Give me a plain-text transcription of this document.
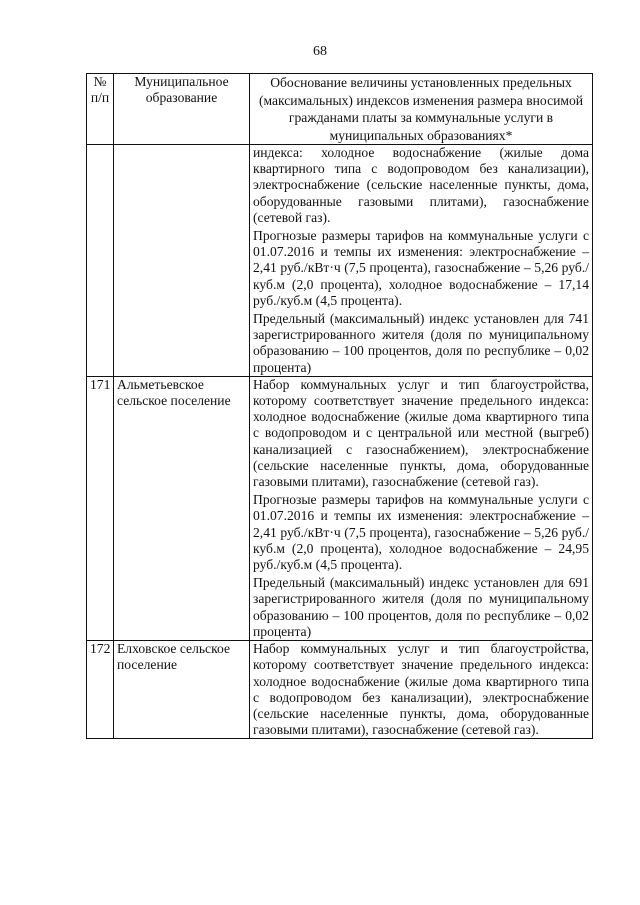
68
№ п/п	Муниципальное образование	Обоснование величины установленных предельных (максимальных) индексов изменения размера вносимой гражданами платы за коммунальные услуги в муниципальных образованиях*

		индекса: холодное водоснабжение (жилые дома квартирного типа с водопроводом без канализации), электроснабжение (сельские населенные пункты, дома, оборудованные газовыми плитами), газоснабжение (сетевой газ).

Прогнозые размеры тарифов на коммунальные услуги с 01.07.2016 и темпы их изменения: электроснабжение – 2,41 руб./кВт·ч (7,5 процента), газоснабжение – 5,26 руб./куб.м (2,0 процента), холодное водоснабжение – 17,14 руб./куб.м (4,5 процента).

Предельный (максимальный) индекс установлен для 741 зарегистрированного жителя (доля по муниципальному образованию – 100 процентов, доля по республике – 0,02 процента)

171	Альметьевское сельское поселение	Набор коммунальных услуг и тип благоустройства, которому соответствует значение предельного индекса: холодное водоснабжение (жилые дома квартирного типа с водопроводом и с центральной или местной (выгреб) канализацией с газоснабжением), электроснабжение (сельские населенные пункты, дома, оборудованные газовыми плитами), газоснабжение (сетевой газ).

Прогнозые размеры тарифов на коммунальные услуги с 01.07.2016 и темпы их изменения: электроснабжение – 2,41 руб./кВт·ч (7,5 процента), газоснабжение – 5,26 руб./куб.м (2,0 процента), холодное водоснабжение – 24,95 руб./куб.м (4,5 процента).

Предельный (максимальный) индекс установлен для 691 зарегистрированного жителя (доля по муниципальному образованию – 100 процентов, доля по республике – 0,02 процента)

172	Елховское сельское поселение	Набор коммунальных услуг и тип благоустройства, которому соответствует значение предельного индекса: холодное водоснабжение (жилые дома квартирного типа с водопроводом без канализации), электроснабжение (сельские населенные пункты, дома, оборудованные газовыми плитами), газоснабжение (сетевой газ).
